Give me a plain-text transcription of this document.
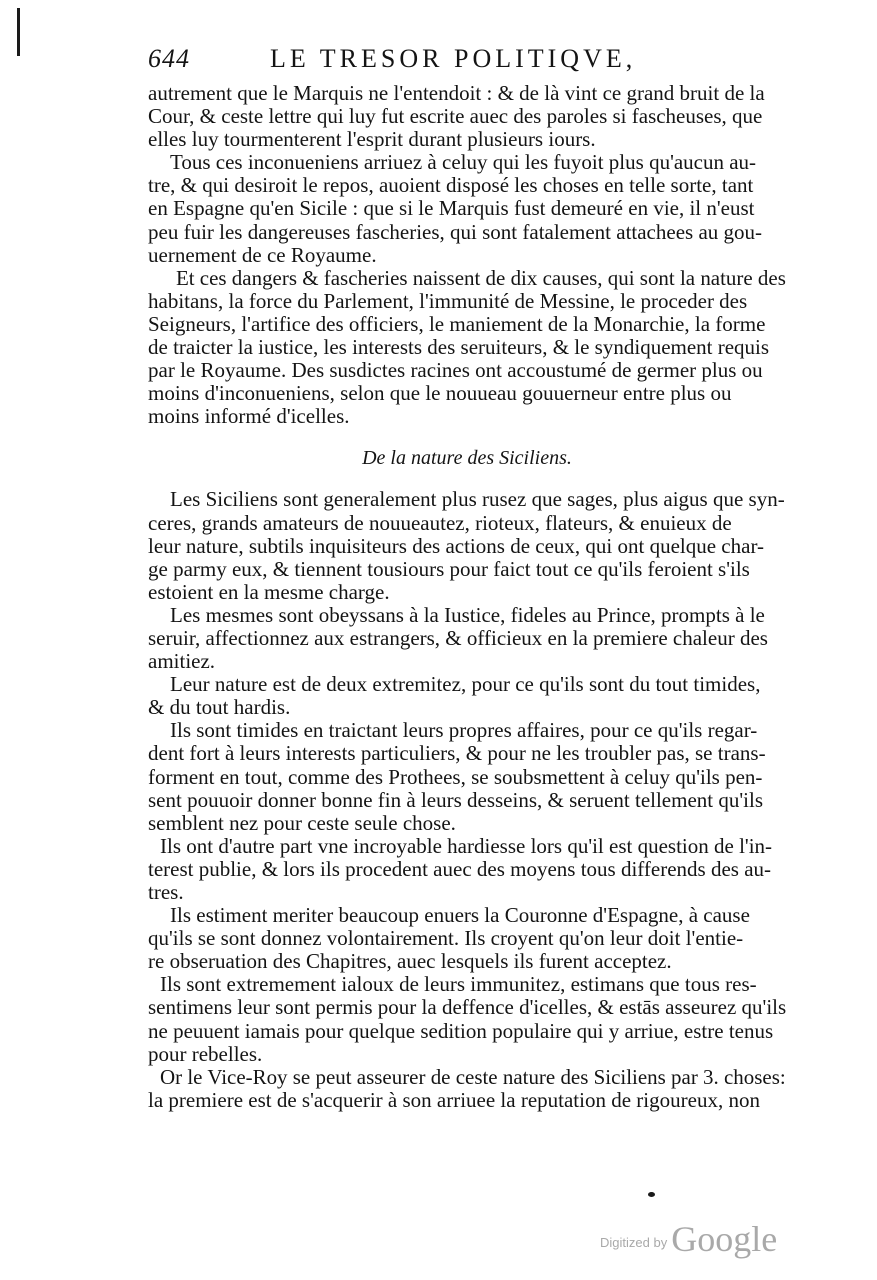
644	LE TRESOR POLITIQVE,
autrement que le Marquis ne l'entendoit : & de là vint ce grand bruit de la
Cour, & ceste lettre qui luy fut escrite auec des paroles si fascheuses, que
elles luy tourmenterent l'esprit durant plusieurs iours.
Tous ces inconueniens arriuez à celuy qui les fuyoit plus qu'aucun au-
tre, & qui desiroit le repos, auoient disposé les choses en telle sorte, tant
en Espagne qu'en Sicile : que si le Marquis fust demeuré en vie, il n'eust
peu fuir les dangereuses fascheries, qui sont fatalement attachees au gou-
uernement de ce Royaume.
Et ces dangers & fascheries naissent de dix causes, qui sont la nature des
habitans, la force du Parlement, l'immunité de Messine, le proceder des
Seigneurs, l'artifice des officiers, le maniement de la Monarchie, la forme
de traicter la iustice, les interests des seruiteurs, & le syndiquement requis
par le Royaume. Des susdictes racines ont accoustumé de germer plus ou
moins d'inconueniens, selon que le nouueau gouuerneur entre plus ou
moins informé d'icelles.
De la nature des Siciliens.
Les Siciliens sont generalement plus rusez que sages, plus aigus que syn-
ceres, grands amateurs de nouueautez, rioteux, flateurs, & enuieux de
leur nature, subtils inquisiteurs des actions de ceux, qui ont quelque char-
ge parmy eux, & tiennent tousiours pour faict tout ce qu'ils feroient s'ils
estoient en la mesme charge.
Les mesmes sont obeyssans à la Iustice, fideles au Prince, prompts à le
seruir, affectionnez aux estrangers, & officieux en la premiere chaleur des
amitiez.
Leur nature est de deux extremitez, pour ce qu'ils sont du tout timides,
& du tout hardis.
Ils sont timides en traictant leurs propres affaires, pour ce qu'ils regar-
dent fort à leurs interests particuliers, & pour ne les troubler pas, se trans-
forment en tout, comme des Prothees, se soubsmettent à celuy qu'ils pen-
sent pouuoir donner bonne fin à leurs desseins, & seruent tellement qu'ils
semblent nez pour ceste seule chose.
Ils ont d'autre part vne incroyable hardiesse lors qu'il est question de l'in-
terest publie, & lors ils procedent auec des moyens tous differends des au-
tres.
Ils estiment meriter beaucoup enuers la Couronne d'Espagne, à cause
qu'ils se sont donnez volontairement. Ils croyent qu'on leur doit l'entie-
re obseruation des Chapitres, auec lesquels ils furent acceptez.
Ils sont extremement ialoux de leurs immunitez, estimans que tous res-
sentimens leur sont permis pour la deffence d'icelles, & estās asseurez qu'ils
ne peuuent iamais pour quelque sedition populaire qui y arriue, estre tenus
pour rebelles.
Or le Vice-Roy se peut asseurer de ceste nature des Siciliens par 3. choses:
la premiere est de s'acquerir à son arriuee la reputation de rigoureux, non
$^{Digitized by}$ Google
